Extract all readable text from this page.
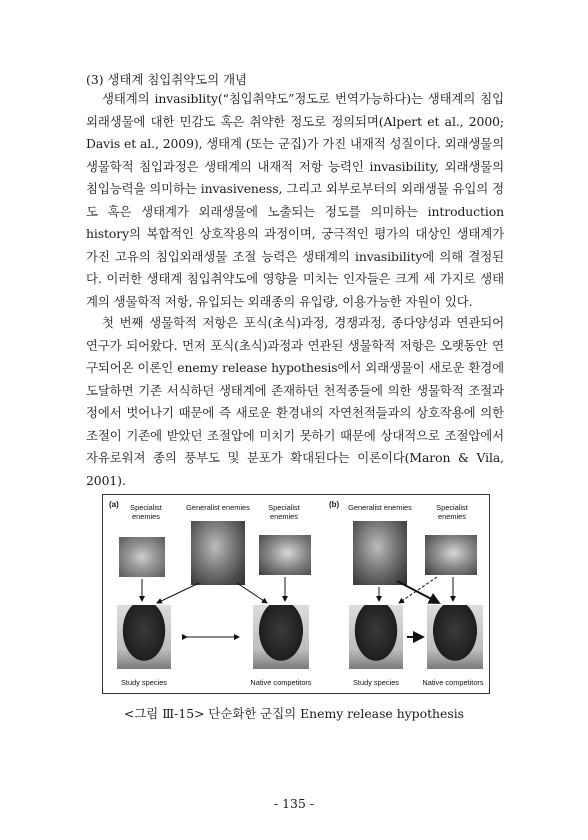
(3) 생태계 침입취약도의 개념

생태계의 invasiblity(“침입취약도”정도로 번역가능하다)는 생태계의 침입외래생물에 대한 민감도 혹은 취약한 정도로 정의되며(Alpert et al., 2000; Davis et al., 2009), 생태계 (또는 군집)가 가진 내재적 성질이다. 외래생물의 생물학적 침입과정은 생태계의 내재적 저항 능력인 invasibility, 외래생물의 침입능력을 의미하는 invasiveness, 그리고 외부로부터의 외래생물 유입의 정도 혹은 생태계가 외래생물에 노출되는 정도를 의미하는 introduction history의 복합적인 상호작용의 과정이며, 궁극적인 평가의 대상인 생태계가 가진 고유의 침입외래생물 조절 능력은 생태계의 invasibility에 의해 결정된다. 이러한 생태계 침입취약도에 영향을 미치는 인자들은 크게 세 가지로 생태계의 생물학적 저항, 유입되는 외래종의 유입량, 이용가능한 자원이 있다.

첫 번째 생물학적 저항은 포식(초식)과정, 경쟁과정, 종다양성과 연관되어 연구가 되어왔다. 먼저 포식(초식)과정과 연관된 생물학적 저항은 오랫동안 연구되어온 이론인 enemy release hypothesis에서 외래생물이 새로운 환경에 도달하면 기존 서식하던 생태계에 존재하던 천적종들에 의한 생물학적 조절과정에서 벗어나기 때문에 즉 새로운 환경내의 자연천적들과의 상호작용에 의한 조절이 기존에 받았던 조절압에 미치기 못하기 때문에 상대적으로 조절압에서 자유로워져 종의 풍부도 및 분포가 확대된다는 이론이다(Maron & Vila, 2001).

(a)	Specialist
enemies
Generalist enemies	Specialist
enemies
Study species	Native competitors
(b)	Generalist enemies	Specialist
enemies
Study species	Native competitors
<그림 Ⅲ-15> 단순화한 군집의 Enemy release hypothesis
- 135 -
